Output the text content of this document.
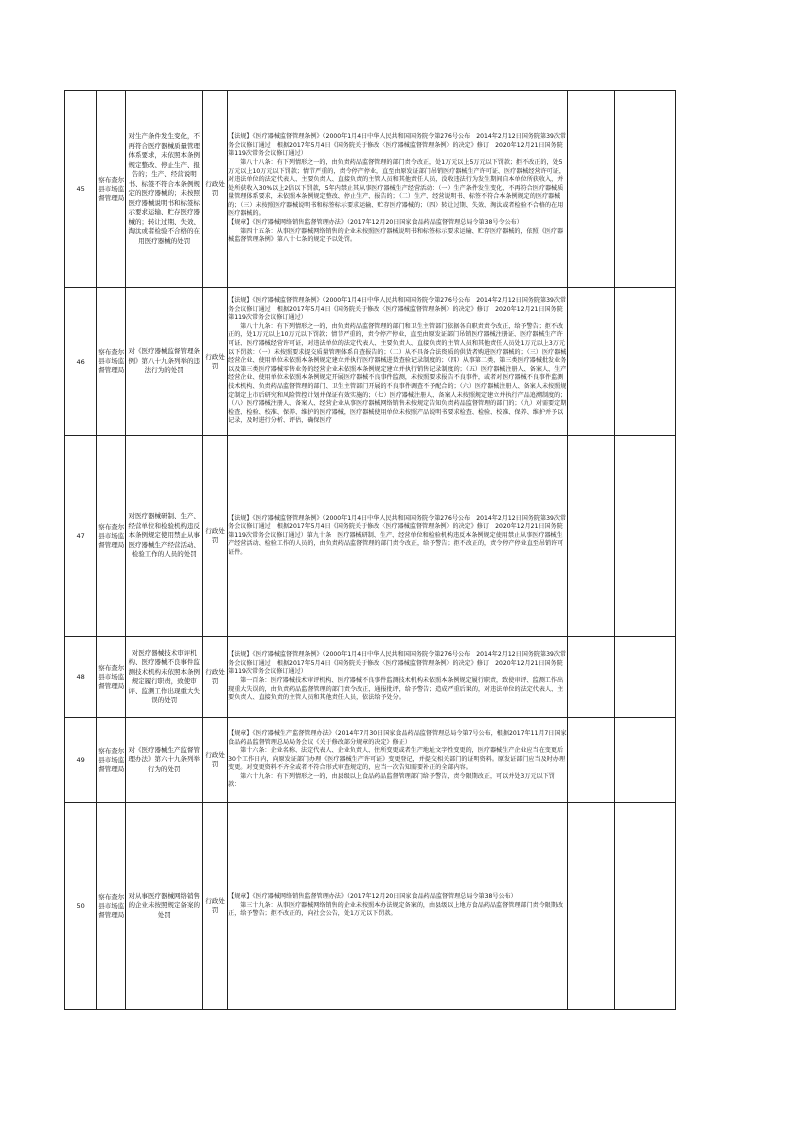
45	察布查尔县市场监督管理局	对生产条件发生变化，不再符合医疗器械质量管理体系要求，未依照本条例规定整改、停止生产、报告的；生产、经营说明书、标签不符合本条例规定的医疗器械的；未按照医疗器械说明书和标签标示要求运输、贮存医疗器械的；转让过期、失效、淘汰或者检验不合格的在用医疗器械的处罚	行政处罚	【法规】《医疗器械监督管理条例》（2000年1月4日中华人民共和国国务院令第276号公布　2014年2月12日国务院第39次常务会议修订通过　根据2017年5月4日《国务院关于修改〈医疗器械监督管理条例〉的决定》修订　2020年12月21日国务院第119次常务会议修订通过）

第八十八条：有下列情形之一的，由负责药品监督管理的部门责令改正，处1万元以上5万元以下罚款；拒不改正的，处5万元以上10万元以下罚款；情节严重的，责令停产停业，直至由原发证部门吊销医疗器械生产许可证、医疗器械经营许可证，对违法单位的法定代表人、主要负责人、直接负责的主管人员和其他责任人员，没收违法行为发生期间自本单位所获收入，并处所获收入30%以上2倍以下罚款，5年内禁止其从事医疗器械生产经营活动：（一）生产条件发生变化、不再符合医疗器械质量管理体系要求，未依照本条例规定整改、停止生产、报告的；（二）生产、经营说明书、标签不符合本条例规定的医疗器械的；（三）未按照医疗器械说明书和标签标示要求运输、贮存医疗器械的；（四）转让过期、失效、淘汰或者检验不合格的在用医疗器械的。

【规章】《医疗器械网络销售监督管理办法》（2017年12月20日国家食品药品监督管理总局令第38号令公布）

第四十五条：从事医疗器械网络销售的企业未按照医疗器械说明书和标签标示要求运输、贮存医疗器械的，依照《医疗器械监督管理条例》第八十七条的规定予以处罚。		

46	察布查尔县市场监督管理局	对《医疗器械监督管理条例》第八十九条列举的违法行为的处罚	行政处罚	【法规】《医疗器械监督管理条例》（2000年1月4日中华人民共和国国务院令第276号公布　2014年2月12日国务院第39次常务会议修订通过　根据2017年5月4日《国务院关于修改〈医疗器械监督管理条例〉的决定》修订　2020年12月21日国务院第119次常务会议修订通过）

第八十九条：有下列情形之一的，由负责药品监督管理的部门和卫生主管部门依据各自职责责令改正，给予警告；拒不改正的，处1万元以上10万元以下罚款；情节严重的，责令停产停业，直至由原发证部门吊销医疗器械注册证、医疗器械生产许可证、医疗器械经营许可证，对违法单位的法定代表人、主要负责人、直接负责的主管人员和其他责任人员处1万元以上3万元以下罚款：（一）未按照要求提交质量管理体系自查报告的；（二）从不具备合法资质的供货者购进医疗器械的；（三）医疗器械经营企业、使用单位未依照本条例规定建立并执行医疗器械进货查验记录制度的；（四）从事第二类、第三类医疗器械批发业务以及第三类医疗器械零售业务的经营企业未依照本条例规定建立并执行销售记录制度的；（五）医疗器械注册人、备案人、生产经营企业、使用单位未依照本条例规定开展医疗器械不良事件监测，未按照要求报告不良事件，或者对医疗器械不良事件监测技术机构、负责药品监督管理的部门、卫生主管部门开展的不良事件调查不予配合的；（六）医疗器械注册人、备案人未按照规定制定上市后研究和风险管控计划并保证有效实施的；（七）医疗器械注册人、备案人未按照规定建立并执行产品追溯制度的；（八）医疗器械注册人、备案人、经营企业从事医疗器械网络销售未按规定告知负责药品监督管理的部门的；（九）对需要定期检查、检验、校准、保养、维护的医疗器械，医疗器械使用单位未按照产品说明书要求检查、检验、校准、保养、维护并予以记录，及时进行分析、评估，确保医疗		

47	察布查尔县市场监督管理局	对医疗器械研制、生产、经营单位和检验机构违反本条例规定使用禁止从事医疗器械生产经营活动、检验工作的人员的处罚	行政处罚	【法规】《医疗器械监督管理条例》（2000年1月4日中华人民共和国国务院令第276号公布　2014年2月12日国务院第39次常务会议修订通过　根据2017年5月4日《国务院关于修改〈医疗器械监督管理条例〉的决定》修订　2020年12月21日国务院第119次常务会议修订通过）第九十条　医疗器械研制、生产、经营单位和检验机构违反本条例规定使用禁止从事医疗器械生产经营活动、检验工作的人员的，由负责药品监督管理的部门责令改正，给予警告；拒不改正的，责令停产停业直至吊销许可证件。		

48	察布查尔县市场监督管理局	对医疗器械技术审评机构、医疗器械不良事件监测技术机构未依照本条例规定履行职责，致使审评、监测工作出现重大失误的处罚	行政处罚	【法规】《医疗器械监督管理条例》（2000年1月4日中华人民共和国国务院令第276号公布　2014年2月12日国务院第39次常务会议修订通过　根据2017年5月4日《国务院关于修改〈医疗器械监督管理条例〉的决定》修订　2020年12月21日国务院第119次常务会议修订通过）

第一百条：医疗器械技术审评机构、医疗器械不良事件监测技术机构未依照本条例规定履行职责，致使审评、监测工作出现重大失误的，由负责药品监督管理的部门责令改正，通报批评，给予警告；造成严重后果的，对违法单位的法定代表人、主要负责人、直接负责的主管人员和其他责任人员，依法给予处分。		

49	察布查尔县市场监督管理局	对《医疗器械生产监督管理办法》第六十九条列举行为的处罚	行政处罚	【规章】《医疗器械生产监督管理办法》（2014年7月30日国家食品药品监督管理总局令第7号公布，根据2017年11月7日国家食品药品监督管理总局局务会议《关于修改部分规章的决定》修正）

第十六条：企业名称、法定代表人、企业负责人、住所变更或者生产地址文字性变更的，医疗器械生产企业应当在变更后30个工作日内，向原发证部门办理《医疗器械生产许可证》变更登记，并提交相关部门的证明资料。原发证部门应当及时办理变更。对变更资料不齐全或者不符合形式审查规定的，应当一次告知需要补正的全部内容。

第六十九条：有下列情形之一的，由县级以上食品药品监督管理部门给予警告，责令限期改正，可以并处3万元以下罚款：		

50	察布查尔县市场监督管理局	对从事医疗器械网络销售的企业未按照规定备案的处罚	行政处罚	【规章】《医疗器械网络销售监督管理办法》（2017年12月20日国家食品药品监督管理总局令第38号公布）

第三十九条：从事医疗器械网络销售的企业未按照本办法规定备案的，由县级以上地方食品药品监督管理部门责令限期改正，给予警告；拒不改正的，向社会公告，处1万元以下罚款。		
